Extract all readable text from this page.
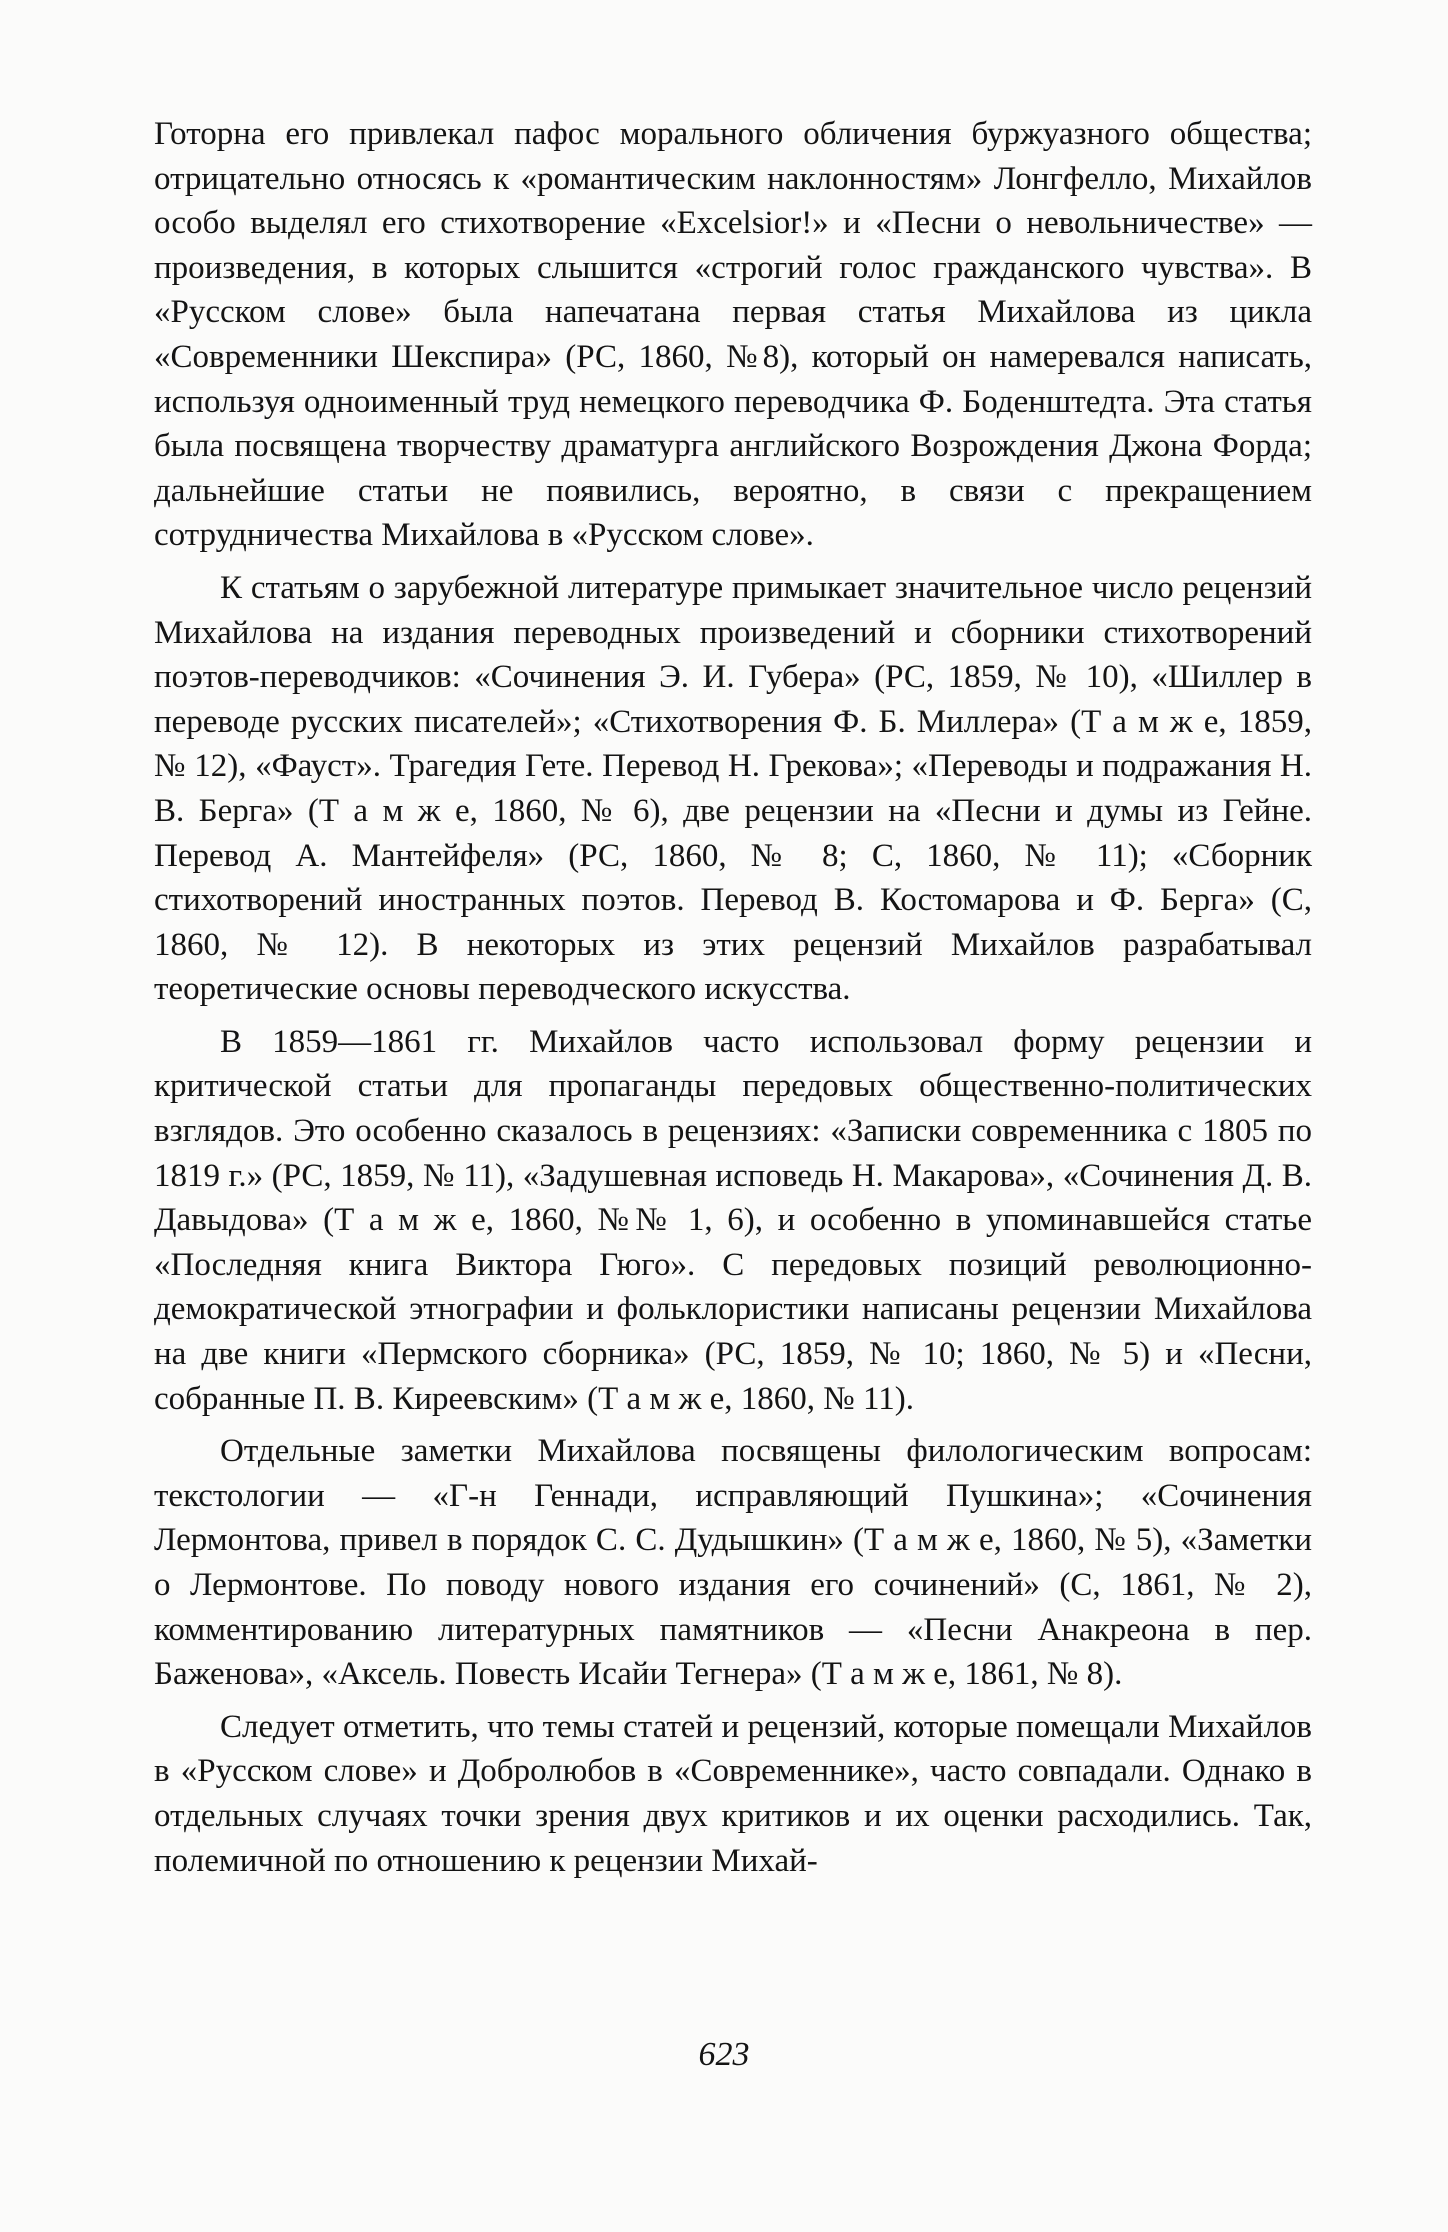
Готорна его привлекал пафос морального обличения буржуазного общества; отрицательно относясь к «романтическим наклонностям» Лонгфелло, Михайлов особо выделял его стихотворение «Excelsior!» и «Песни о невольничестве» — произведения, в которых слышится «строгий голос гражданского чувства». В «Русском слове» была напечатана первая статья Михайлова из цикла «Современники Шекспира» (РС, 1860, №8), который он намеревался написать, используя одноименный труд немецкого переводчика Ф. Боденштедта. Эта статья была посвящена творчеству драматурга английского Возрождения Джона Форда; дальнейшие статьи не появились, вероятно, в связи с прекращением сотрудничества Михайлова в «Русском слове».

К статьям о зарубежной литературе примыкает значительное число рецензий Михайлова на издания переводных произведений и сборники стихотворений поэтов-переводчиков: «Сочинения Э. И. Губера» (РС, 1859, № 10), «Шиллер в переводе русских писателей»; «Стихотворения Ф. Б. Миллера» (Т а м ж е, 1859, № 12), «Фауст». Трагедия Гете. Перевод Н. Грекова»; «Переводы и подражания Н. В. Берга» (Т а м ж е, 1860, № 6), две рецензии на «Песни и думы из Гейне. Перевод А. Мантейфеля» (РС, 1860, № 8; С, 1860, № 11); «Сборник стихотворений иностранных поэтов. Перевод В. Костомарова и Ф. Берга» (С, 1860, № 12). В некоторых из этих рецензий Михайлов разрабатывал теоретические основы переводческого искусства.

В 1859—1861 гг. Михайлов часто использовал форму рецензии и критической статьи для пропаганды передовых общественно-политических взглядов. Это особенно сказалось в рецензиях: «Записки современника с 1805 по 1819 г.» (РС, 1859, № 11), «Задушевная исповедь Н. Макарова», «Сочинения Д. В. Давыдова» (Т а м ж е, 1860, №№ 1, 6), и особенно в упоминавшейся статье «Последняя книга Виктора Гюго». С передовых позиций революционно-демократической этнографии и фольклористики написаны рецензии Михайлова на две книги «Пермского сборника» (РС, 1859, № 10; 1860, № 5) и «Песни, собранные П. В. Киреевским» (Т а м ж е, 1860, № 11).

Отдельные заметки Михайлова посвящены филологическим вопросам: текстологии — «Г-н Геннади, исправляющий Пушкина»; «Сочинения Лермонтова, привел в порядок С. С. Дудышкин» (Т а м ж е, 1860, № 5), «Заметки о Лермонтове. По поводу нового издания его сочинений» (С, 1861, № 2), комментированию литературных памятников — «Песни Анакреона в пер. Баженова», «Аксель. Повесть Исайи Тегнера» (Т а м ж е, 1861, № 8).

Следует отметить, что темы статей и рецензий, которые помещали Михайлов в «Русском слове» и Добролюбов в «Современнике», часто совпадали. Однако в отдельных случаях точки зрения двух критиков и их оценки расходились. Так, полемичной по отношению к рецензии Михай-

623
